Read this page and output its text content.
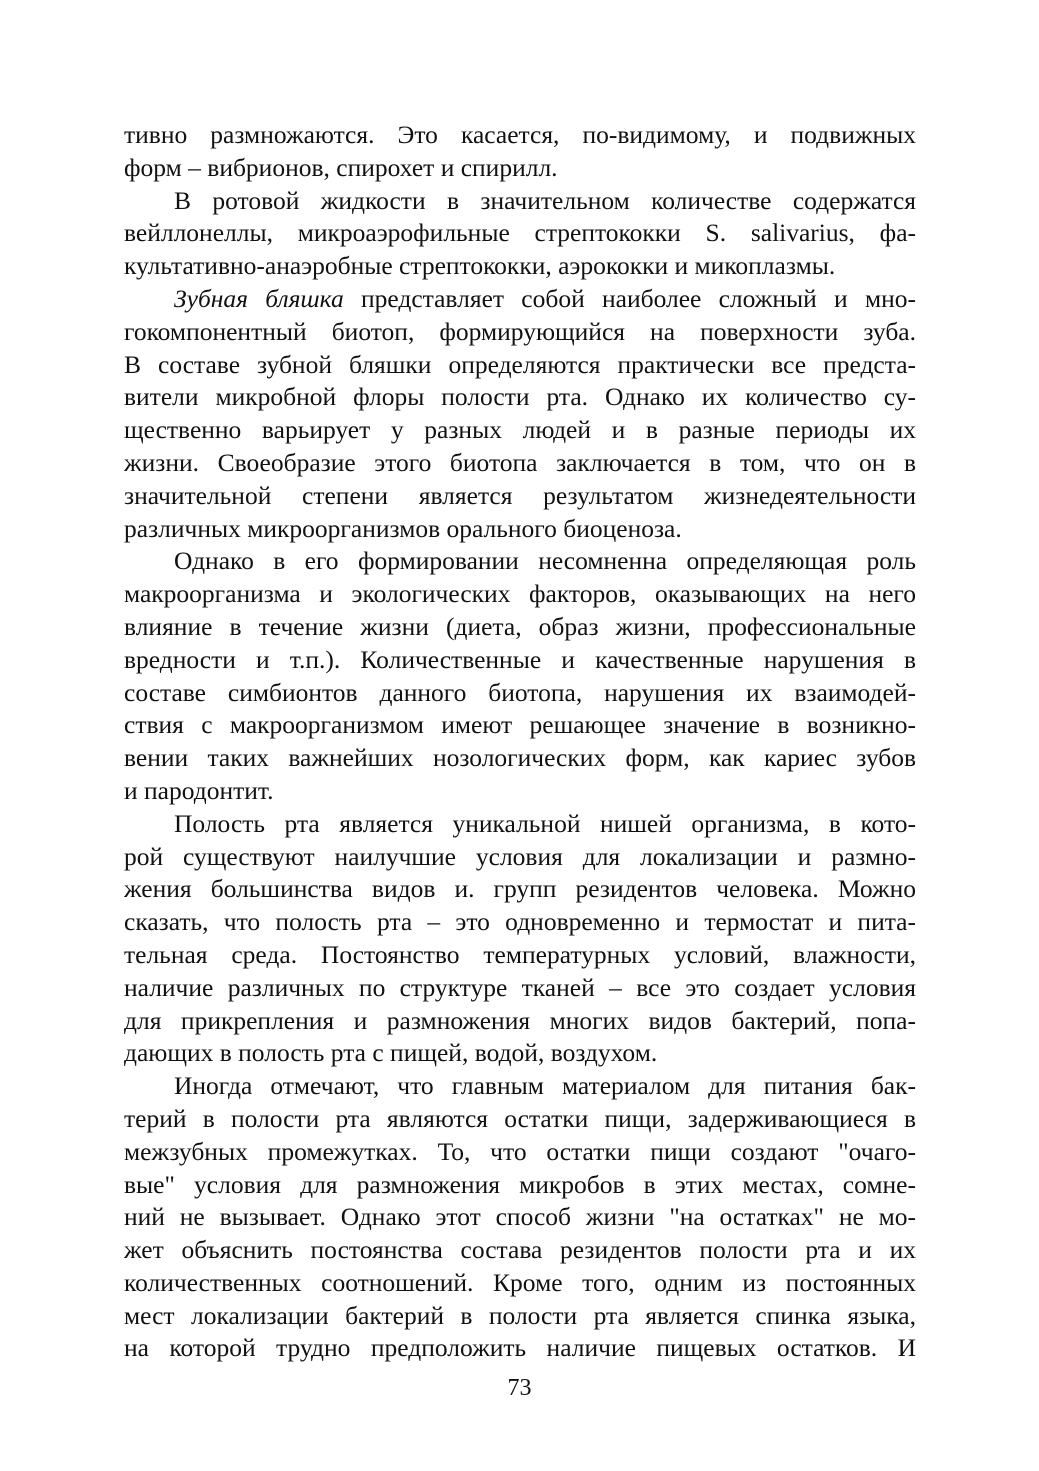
тивно размножаются. Это касается, по-видимому, и подвижных
форм – вибрионов, спирохет и спирилл.
В ротовой жидкости в значительном количестве содержатся
вейллонеллы, микроаэрофильные стрептококки S. salivarius, фа-
культативно-анаэробные стрептококки, аэрококки и микоплазмы.
Зубная бляшка представляет собой наиболее сложный и мно-
гокомпонентный биотоп, формирующийся на поверхности зуба.
В составе зубной бляшки определяются практически все предста-
вители микробной флоры полости рта. Однако их количество су-
щественно варьирует у разных людей и в разные периоды их
жизни. Своеобразие этого биотопа заключается в том, что он в
значительной степени является результатом жизнедеятельности
различных микроорганизмов орального биоценоза.
Однако в его формировании несомненна определяющая роль
макроорганизма и экологических факторов, оказывающих на него
влияние в течение жизни (диета, образ жизни, профессиональные
вредности и т.п.). Количественные и качественные нарушения в
составе симбионтов данного биотопа, нарушения их взаимодей-
ствия с макроорганизмом имеют решающее значение в возникно-
вении таких важнейших нозологических форм, как кариес зубов
и пародонтит.
Полость рта является уникальной нишей организма, в кото-
рой существуют наилучшие условия для локализации и размно-
жения большинства видов и. групп резидентов человека. Можно
сказать, что полость рта – это одновременно и термостат и пита-
тельная среда. Постоянство температурных условий, влажности,
наличие различных по структуре тканей – все это создает условия
для прикрепления и размножения многих видов бактерий, попа-
дающих в полость рта с пищей, водой, воздухом.
Иногда отмечают, что главным материалом для питания бак-
терий в полости рта являются остатки пищи, задерживающиеся в
межзубных промежутках. То, что остатки пищи создают "очаго-
вые" условия для размножения микробов в этих местах, сомне-
ний не вызывает. Однако этот способ жизни "на остатках" не мо-
жет объяснить постоянства состава резидентов полости рта и их
количественных соотношений. Кроме того, одним из постоянных
мест локализации бактерий в полости рта является спинка языка,
на которой трудно предположить наличие пищевых остатков. И
73
